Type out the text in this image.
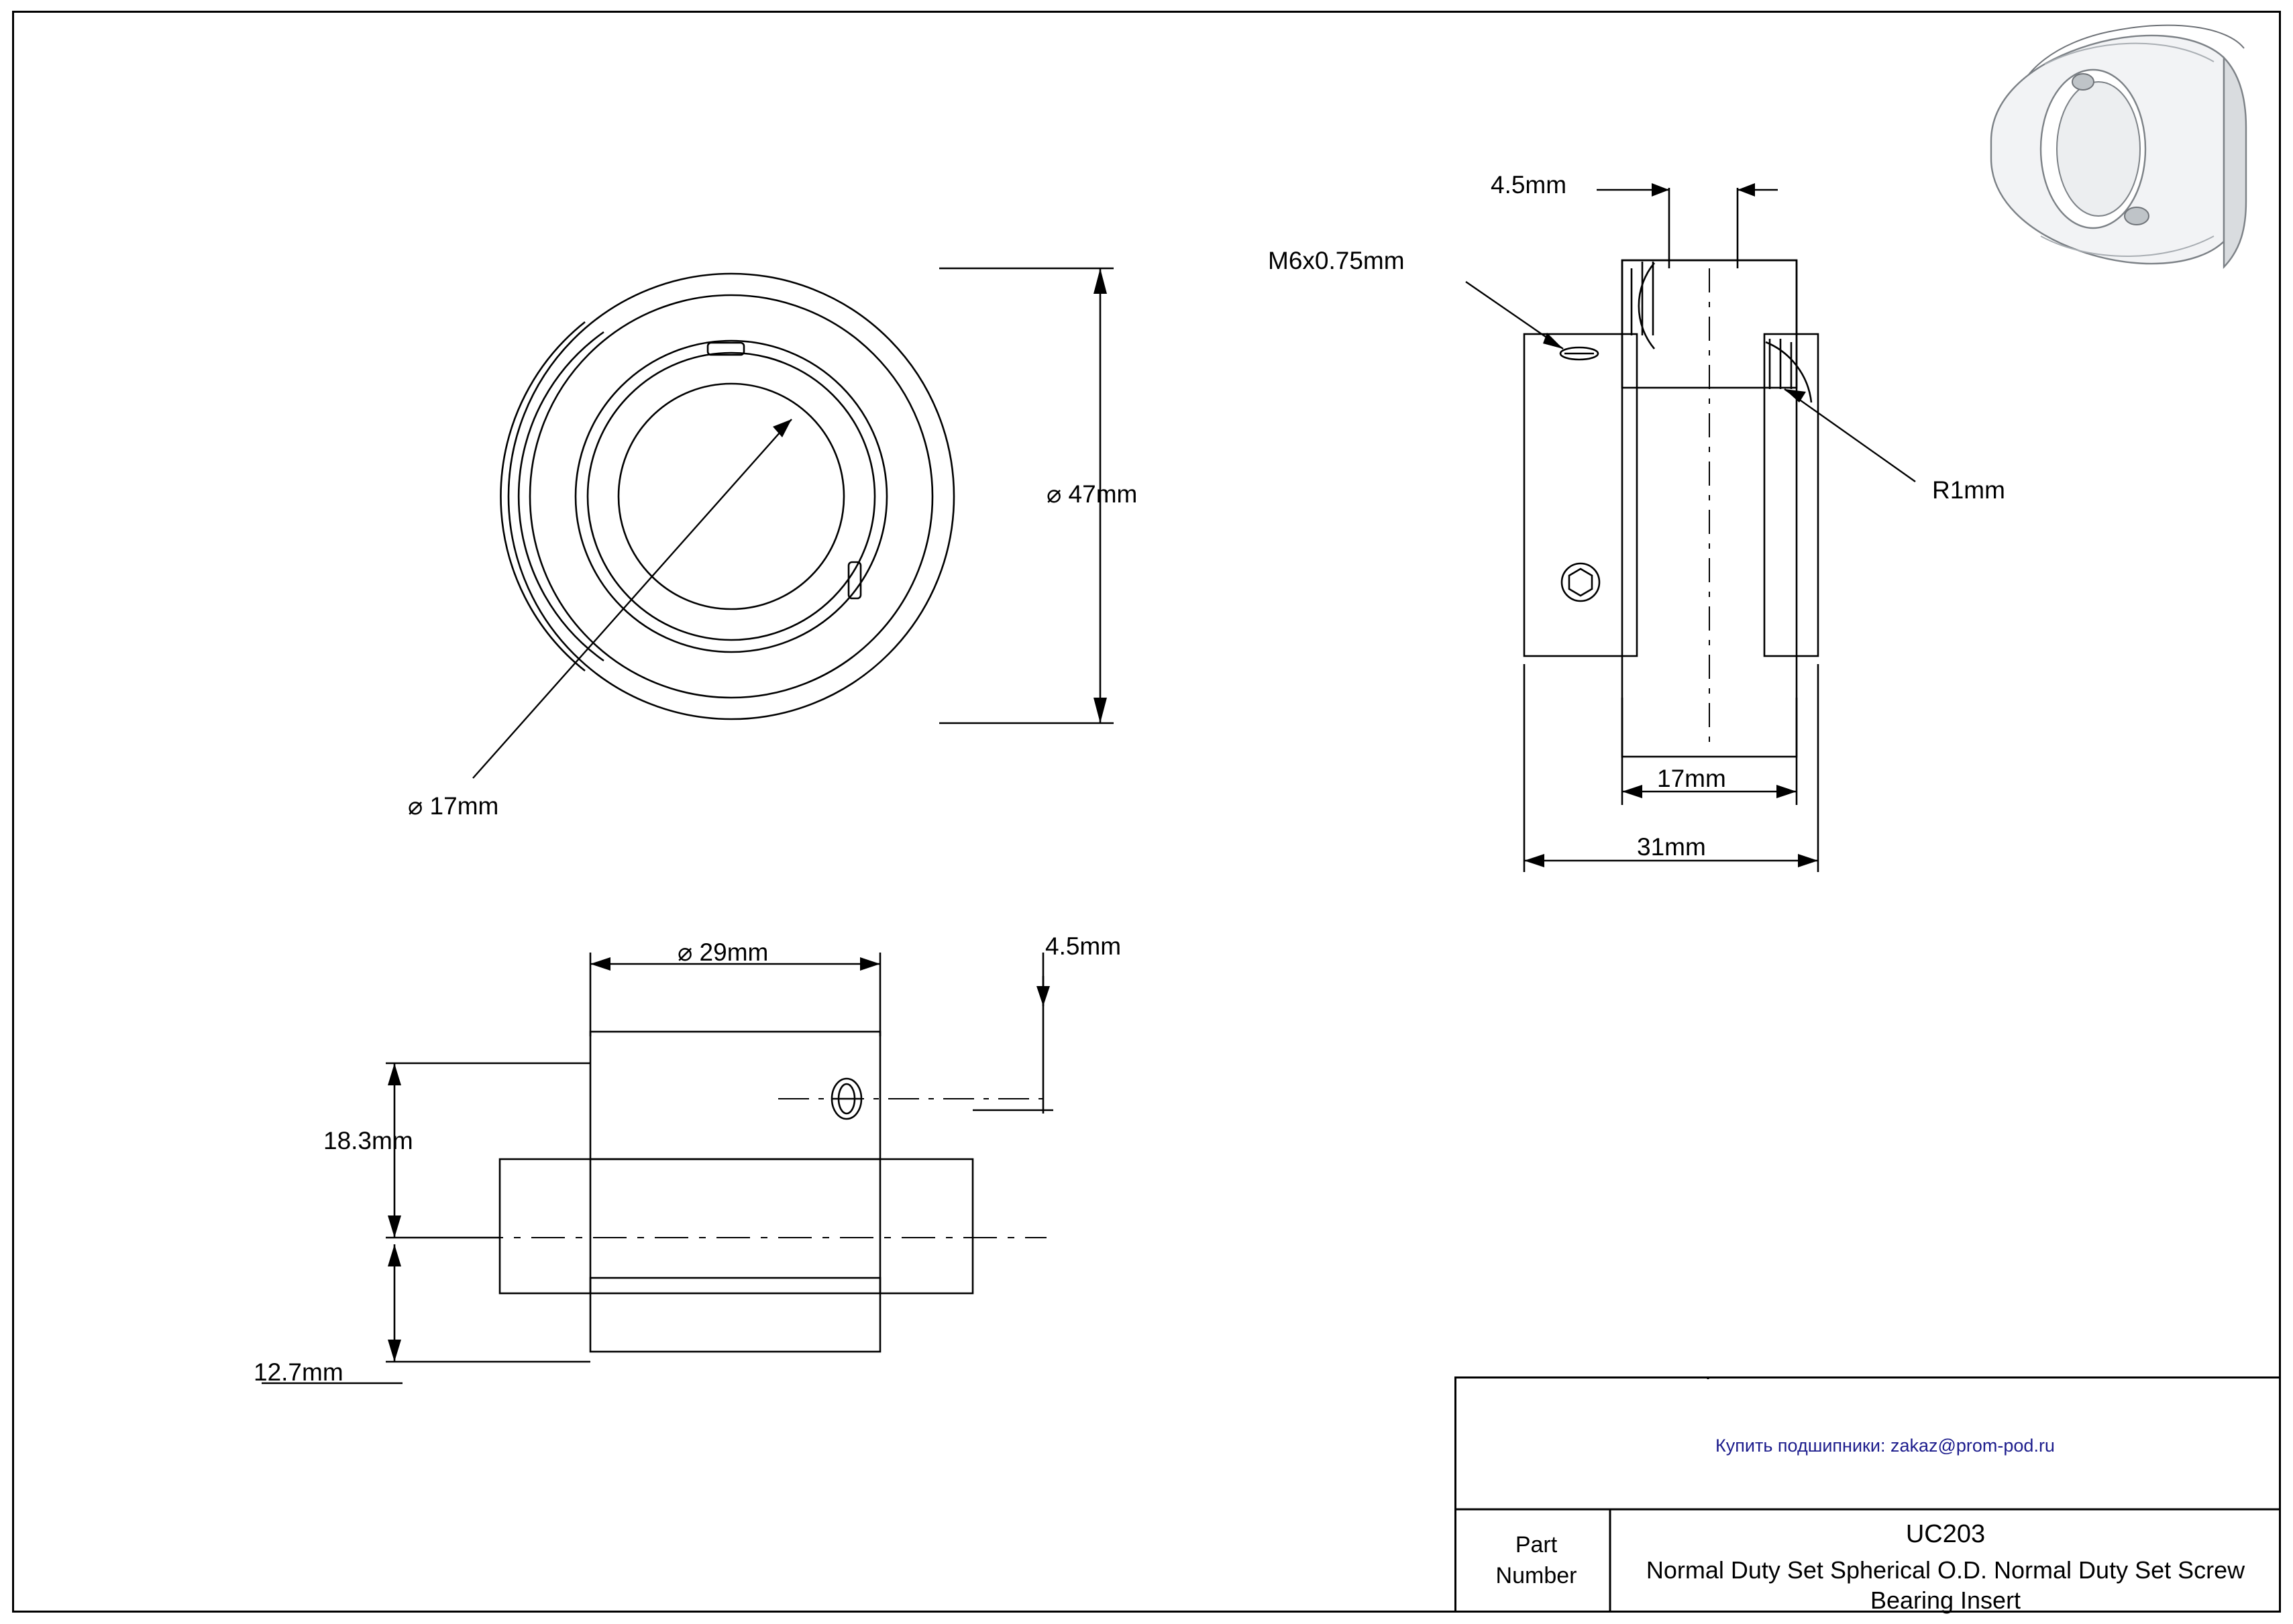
⌀ 47mm
⌀ 17mm
4.5mm
M6x0.75mm
R1mm
17mm
31mm
⌀ 29mm	4.5mm
18.3mm
12.7mm
Купить подшипники: zakaz@prom-pod.ru
Part
Number
UC203
Normal Duty Set Spherical O.D. Normal Duty Set Screw Bearing Insert
